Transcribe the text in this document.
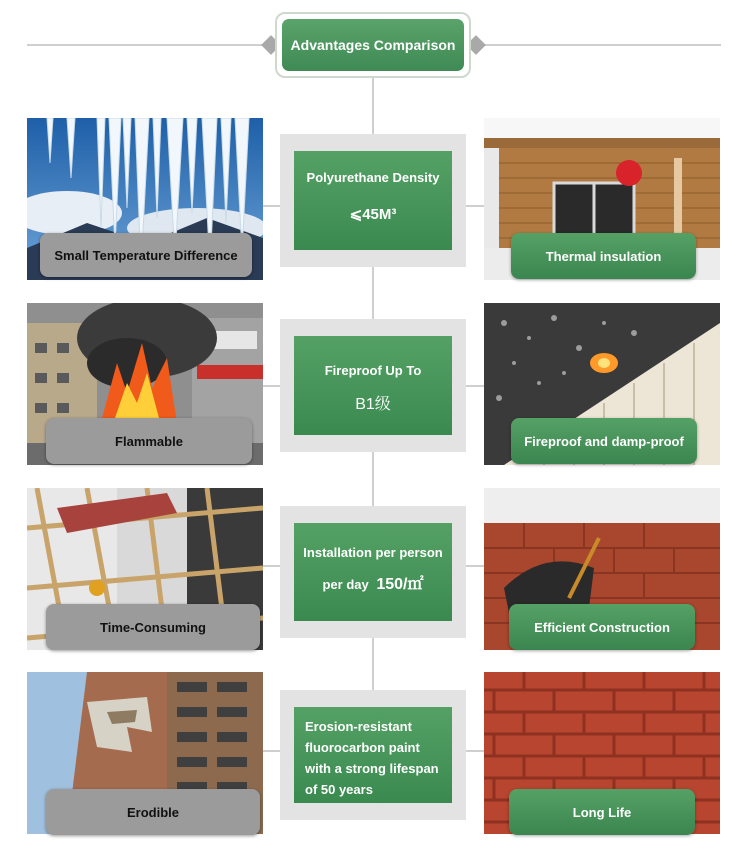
Advantages Comparison
Small Temperature Difference	Thermal insulation
Polyurethane Density
⩽45M³
Flammable	Fireproof and damp-proof
Fireproof Up To
B1级
Time-Consuming	Efficient Construction
Installation per person
per day 150/㎡
Erodible	Long Life
Erosion-resistant
fluorocarbon paint
with a strong lifespan
of 50 years
